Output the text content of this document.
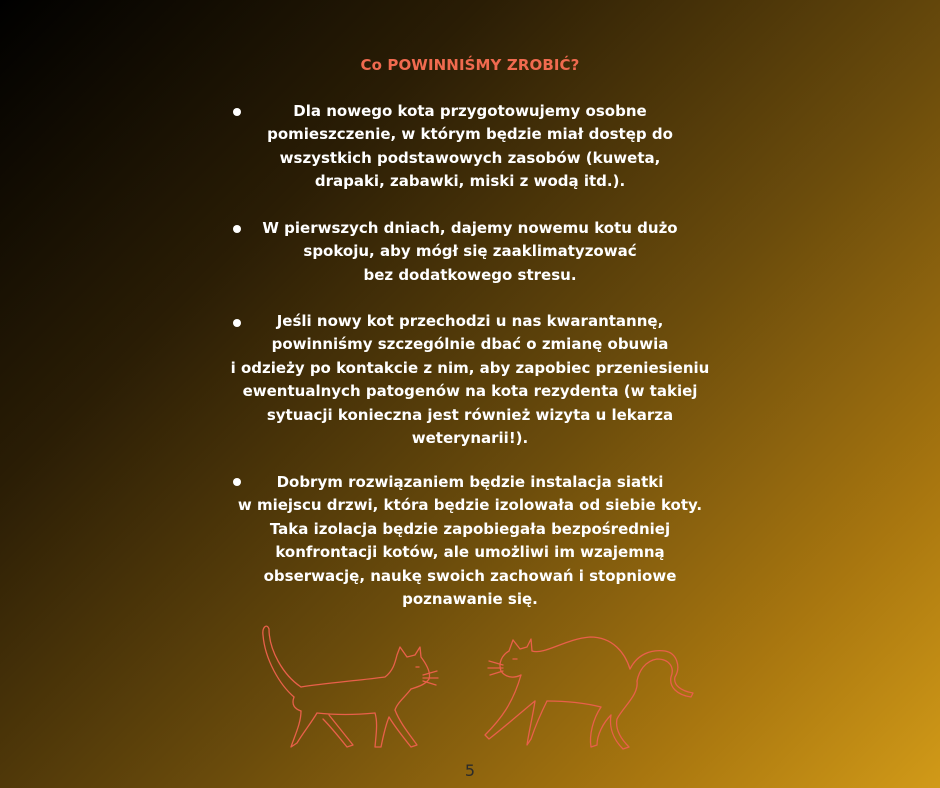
Co POWINNIŚMY ZROBIĆ?
Dla nowego kota przygotowujemy osobne
pomieszczenie, w którym będzie miał dostęp do
wszystkich podstawowych zasobów (kuweta,
drapaki, zabawki, miski z wodą itd.).
W pierwszych dniach, dajemy nowemu kotu dużo
spokoju, aby mógł się zaaklimatyzować
bez dodatkowego stresu.
Jeśli nowy kot przechodzi u nas kwarantannę,
powinniśmy szczególnie dbać o zmianę obuwia
i odzieży po kontakcie z nim, aby zapobiec przeniesieniu
ewentualnych patogenów na kota rezydenta (w takiej
sytuacji konieczna jest również wizyta u lekarza
weterynarii!).
Dobrym rozwiązaniem będzie instalacja siatki
w miejscu drzwi, która będzie izolowała od siebie koty.
Taka izolacja będzie zapobiegała bezpośredniej
konfrontacji kotów, ale umożliwi im wzajemną
obserwację, naukę swoich zachowań i stopniowe
poznawanie się.
5
